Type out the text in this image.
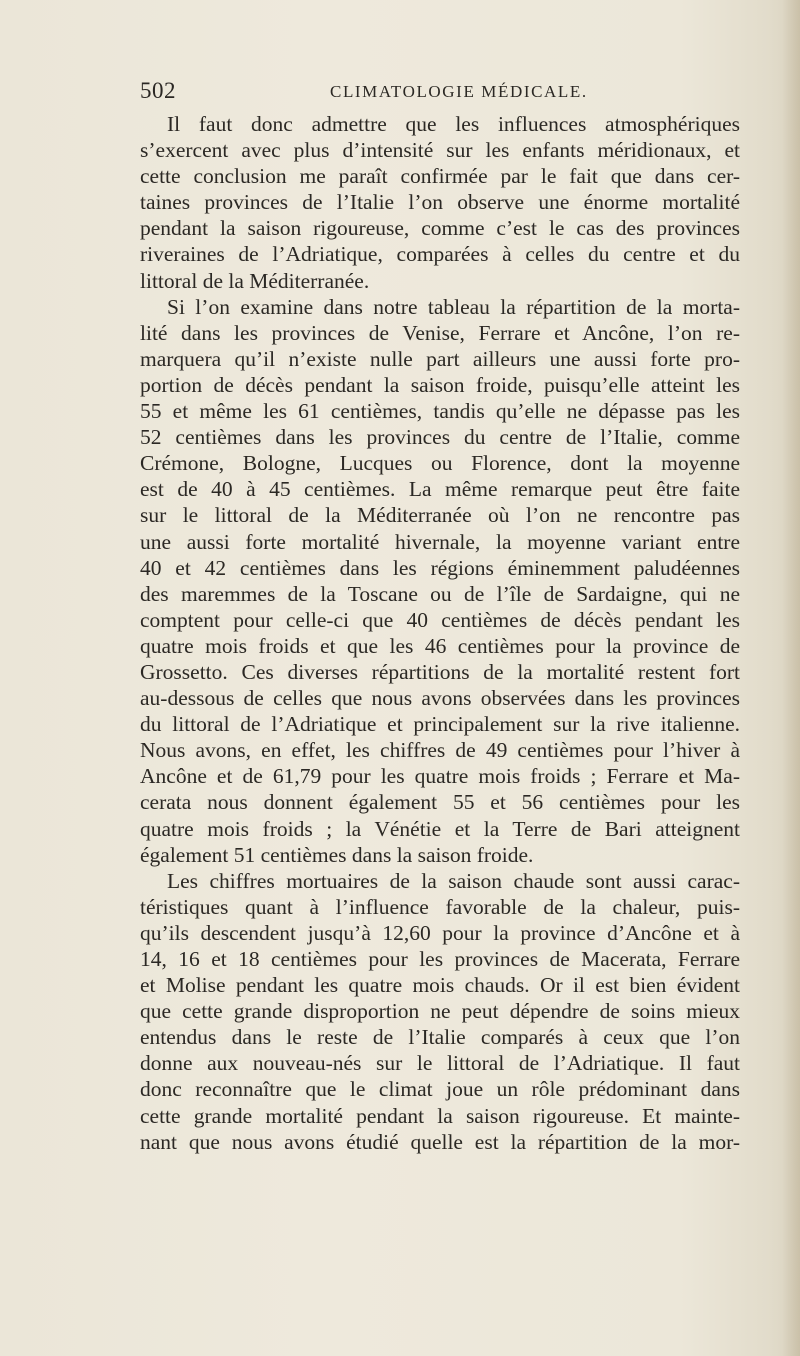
502	CLIMATOLOGIE MÉDICALE.
Il faut donc admettre que les influences atmosphériques
s’exercent avec plus d’intensité sur les enfants méridionaux, et
cette conclusion me paraît confirmée par le fait que dans cer-
taines provinces de l’Italie l’on observe une énorme mortalité
pendant la saison rigoureuse, comme c’est le cas des provinces
riveraines de l’Adriatique, comparées à celles du centre et du
littoral de la Méditerranée.
Si l’on examine dans notre tableau la répartition de la morta-
lité dans les provinces de Venise, Ferrare et Ancône, l’on re-
marquera qu’il n’existe nulle part ailleurs une aussi forte pro-
portion de décès pendant la saison froide, puisqu’elle atteint les
55 et même les 61 centièmes, tandis qu’elle ne dépasse pas les
52 centièmes dans les provinces du centre de l’Italie, comme
Crémone, Bologne, Lucques ou Florence, dont la moyenne
est de 40 à 45 centièmes. La même remarque peut être faite
sur le littoral de la Méditerranée où l’on ne rencontre pas
une aussi forte mortalité hivernale, la moyenne variant entre
40 et 42 centièmes dans les régions éminemment paludéennes
des maremmes de la Toscane ou de l’île de Sardaigne, qui ne
comptent pour celle-ci que 40 centièmes de décès pendant les
quatre mois froids et que les 46 centièmes pour la province de
Grossetto. Ces diverses répartitions de la mortalité restent fort
au-dessous de celles que nous avons observées dans les provinces
du littoral de l’Adriatique et principalement sur la rive italienne.
Nous avons, en effet, les chiffres de 49 centièmes pour l’hiver à
Ancône et de 61,79 pour les quatre mois froids ; Ferrare et Ma-
cerata nous donnent également 55 et 56 centièmes pour les
quatre mois froids ; la Vénétie et la Terre de Bari atteignent
également 51 centièmes dans la saison froide.
Les chiffres mortuaires de la saison chaude sont aussi carac-
téristiques quant à l’influence favorable de la chaleur, puis-
qu’ils descendent jusqu’à 12,60 pour la province d’Ancône et à
14, 16 et 18 centièmes pour les provinces de Macerata, Ferrare
et Molise pendant les quatre mois chauds. Or il est bien évident
que cette grande disproportion ne peut dépendre de soins mieux
entendus dans le reste de l’Italie comparés à ceux que l’on
donne aux nouveau-nés sur le littoral de l’Adriatique. Il faut
donc reconnaître que le climat joue un rôle prédominant dans
cette grande mortalité pendant la saison rigoureuse. Et mainte-
nant que nous avons étudié quelle est la répartition de la mor-
